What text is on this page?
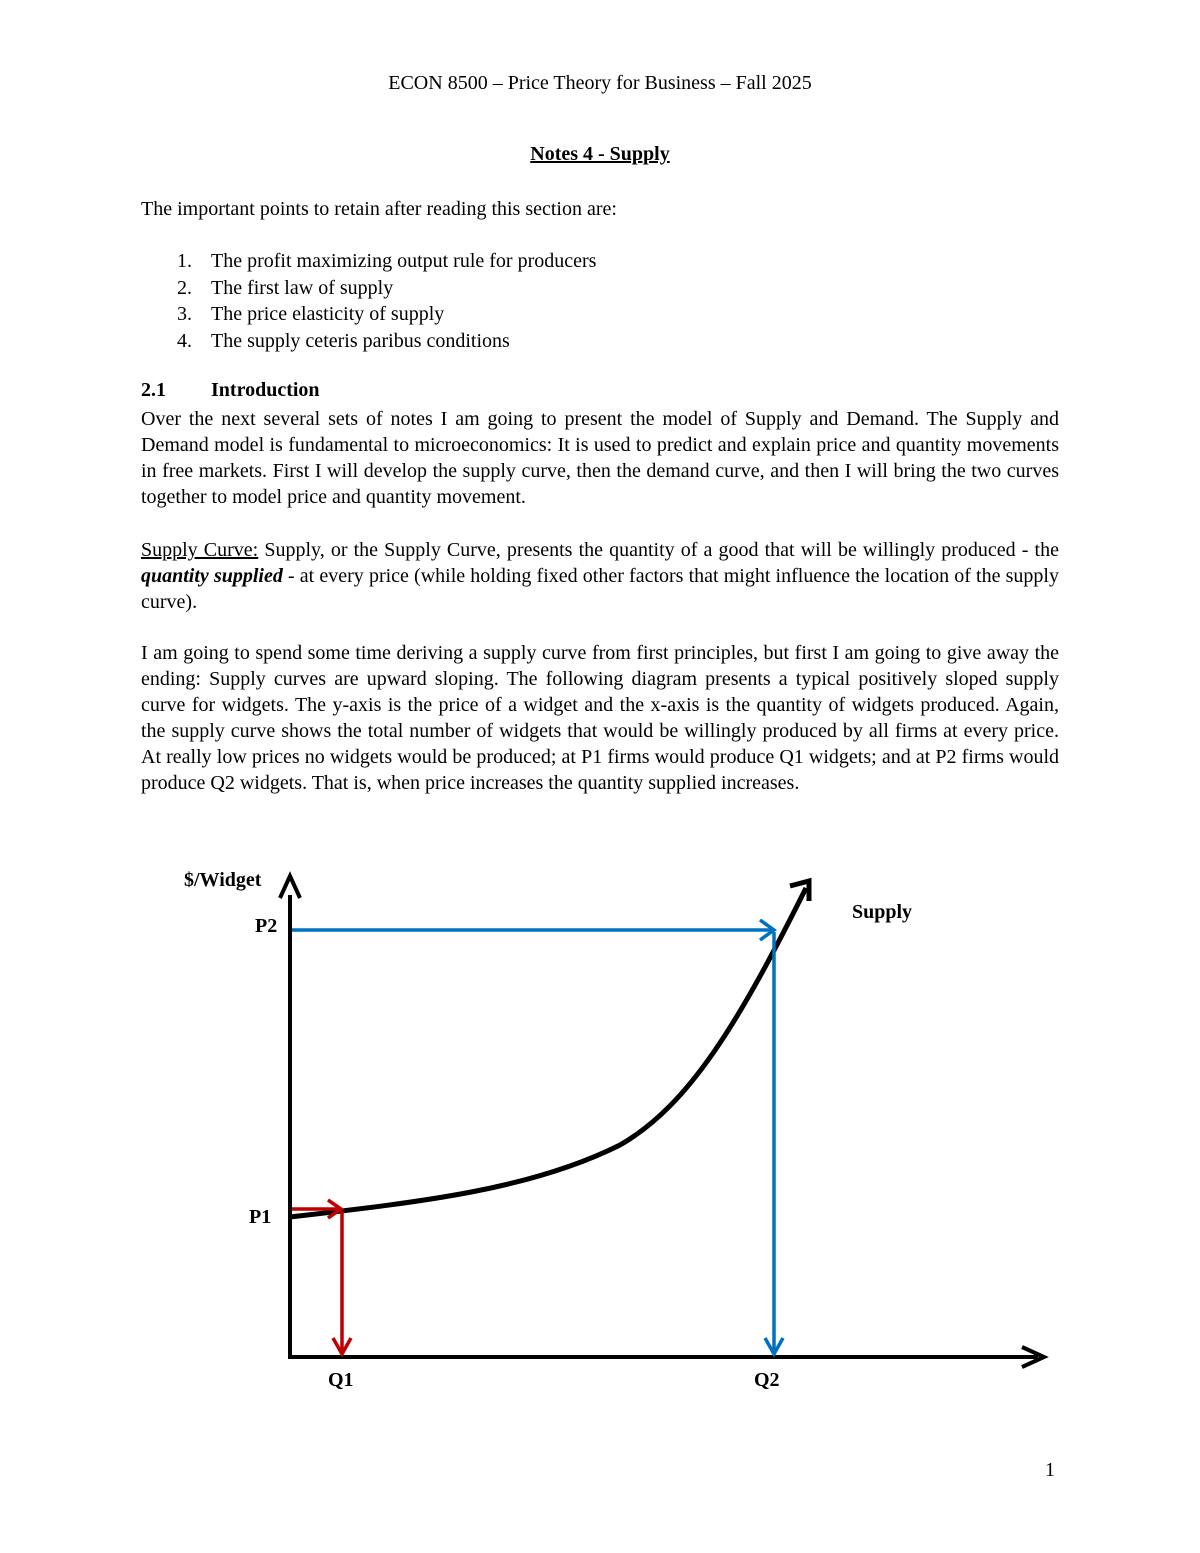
ECON 8500 – Price Theory for Business – Fall 2025
Notes 4 - Supply
The important points to retain after reading this section are:
1. The profit maximizing output rule for producers
2. The first law of supply
3. The price elasticity of supply
4. The supply ceteris paribus conditions
2.1 Introduction
Over the next several sets of notes I am going to present the model of Supply and Demand. The Supply and Demand model is fundamental to microeconomics: It is used to predict and explain price and quantity movements in free markets. First I will develop the supply curve, then the demand curve, and then I will bring the two curves together to model price and quantity movement.
Supply Curve: Supply, or the Supply Curve, presents the quantity of a good that will be willingly produced - the quantity supplied - at every price (while holding fixed other factors that might influence the location of the supply curve).
I am going to spend some time deriving a supply curve from first principles, but first I am going to give away the ending: Supply curves are upward sloping. The following diagram presents a typical positively sloped supply curve for widgets. The y-axis is the price of a widget and the x-axis is the quantity of widgets produced. Again, the supply curve shows the total number of widgets that would be willingly produced by all firms at every price. At really low prices no widgets would be produced; at P1 firms would produce Q1 widgets; and at P2 firms would produce Q2 widgets. That is, when price increases the quantity supplied increases.
$/Widget
Supply
P2
P1
Q1	Q2
1
